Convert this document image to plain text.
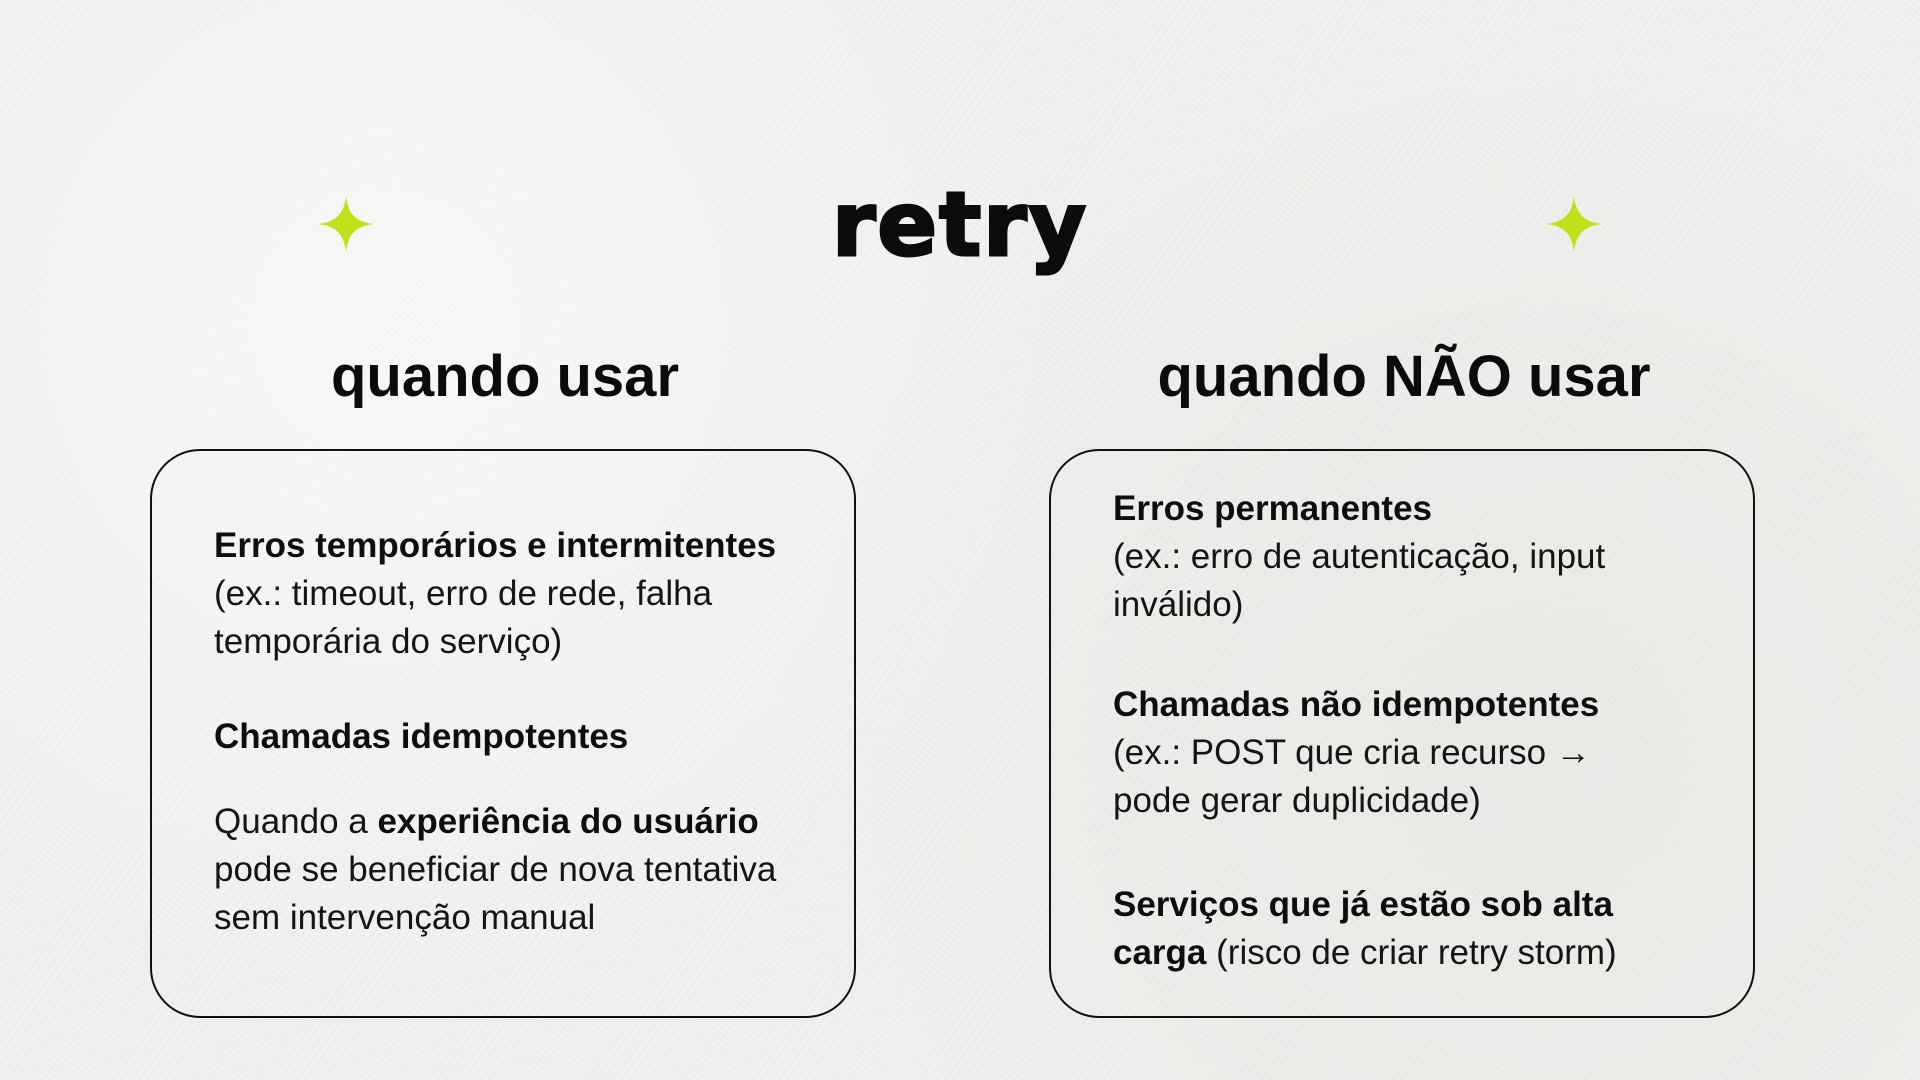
retry
quando usar	quando NÃO usar
Erros temporários e intermitentes
(ex.: timeout, erro de rede, falha
temporária do serviço)
Chamadas idempotentes
Quando a experiência do usuário
pode se beneficiar de nova tentativa
sem intervenção manual
Erros permanentes
(ex.: erro de autenticação, input
inválido)
Chamadas não idempotentes
(ex.: POST que cria recurso →
pode gerar duplicidade)
Serviços que já estão sob alta
carga (risco de criar retry storm)
